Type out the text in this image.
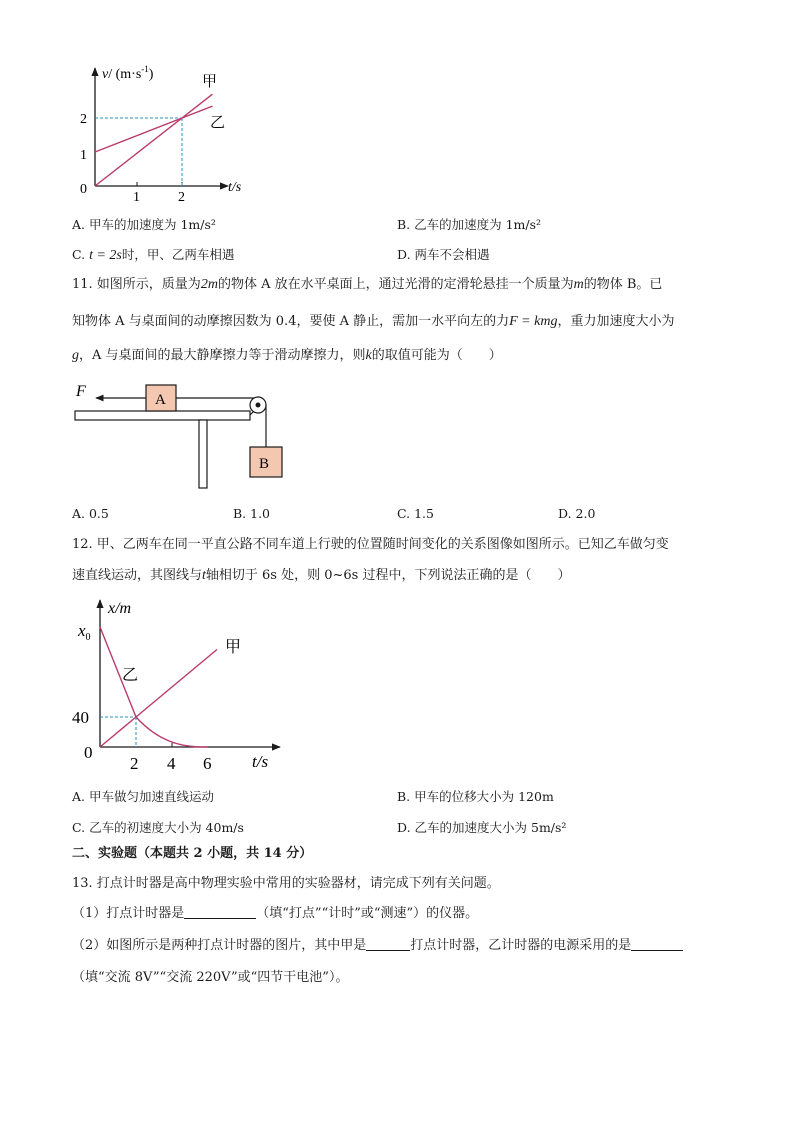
v/ $(m\cdot s^{-1})$
t/s
0
1
2
1	2
甲
乙
A. 甲车的加速度为 1m/s²	B. 乙车的加速度为 1m/s²
C. t = 2s时，甲、乙两车相遇	D. 两车不会相遇
11. 如图所示，质量为2m的物体 A 放在水平桌面上，通过光滑的定滑轮悬挂一个质量为m的物体 B。已
知物体 A 与桌面间的动摩擦因数为 0.4，要使 A 静止，需加一水平向左的力F = kmg，重力加速度大小为
g，A 与桌面间的最大静摩擦力等于滑动摩擦力，则k的取值可能为（　　）
F	A
B
A. 0.5	B. 1.0	C. 1.5	D. 2.0
12. 甲、乙两车在同一平直公路不同车道上行驶的位置随时间变化的关系图像如图所示。已知乙车做匀变
速直线运动，其图线与t轴相切于 6s 处，则 0~6s 过程中，下列说法正确的是（　　）
x/m
$x_0$
40
0
2 4 6 t/s
甲
乙
A. 甲车做匀加速直线运动	B. 甲车的位移大小为 120m
C. 乙车的初速度大小为 40m/s	D. 乙车的加速度大小为 5m/s²
二、实验题（本题共 2 小题，共 14 分）
13. 打点计时器是高中物理实验中常用的实验器材，请完成下列有关问题。
（1）打点计时器是	（填“打点”“计时”或“测速”）的仪器。
（2）如图所示是两种打点计时器的图片，其中甲是	打点计时器，乙计时器的电源采用的是
（填“交流 8V”“交流 220V”或“四节干电池”）。
